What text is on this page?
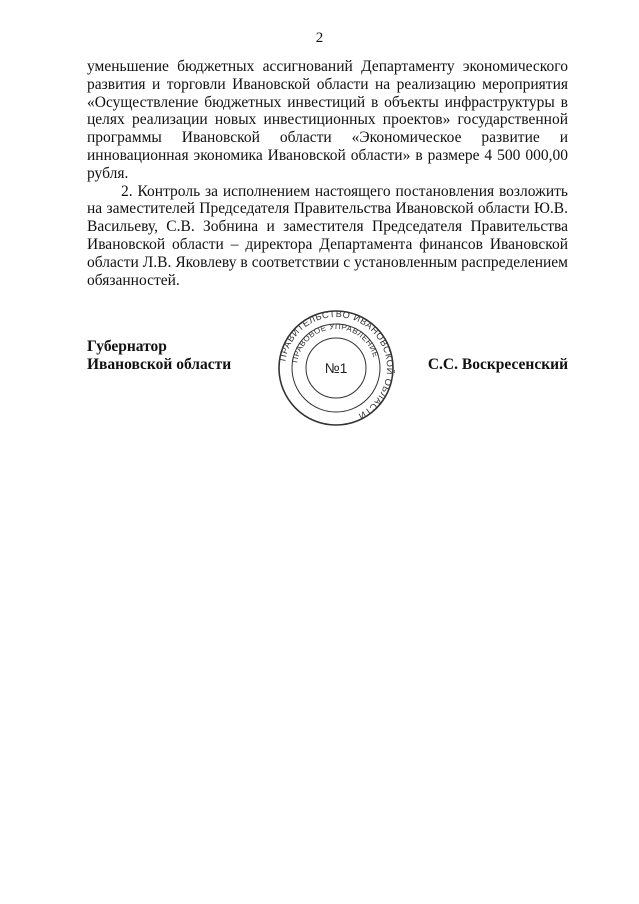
2

уменьшение бюджетных ассигнований Департаменту экономического развития и торговли Ивановской области на реализацию мероприятия «Осуществление бюджетных инвестиций в объекты инфраструктуры в целях реализации новых инвестиционных проектов» государственной программы Ивановской области «Экономическое развитие и инновационная экономика Ивановской области» в размере 4 500 000,00 рубля.

2. Контроль за исполнением настоящего постановления возложить на заместителей Председателя Правительства Ивановской области Ю.В. Васильеву, С.В. Зобнина и заместителя Председателя Правительства Ивановской области – директора Департамента финансов Ивановской области Л.В. Яковлеву в соответствии с установленным распределением обязанностей.

Губернатор
Ивановской области	С.С. Воскресенский
ПРАВИТЕЛЬСТВО ИВАНОВСКОЙ ОБЛАСТИ
ПРАВОВОЕ УПРАВЛЕНИЕ
№1
